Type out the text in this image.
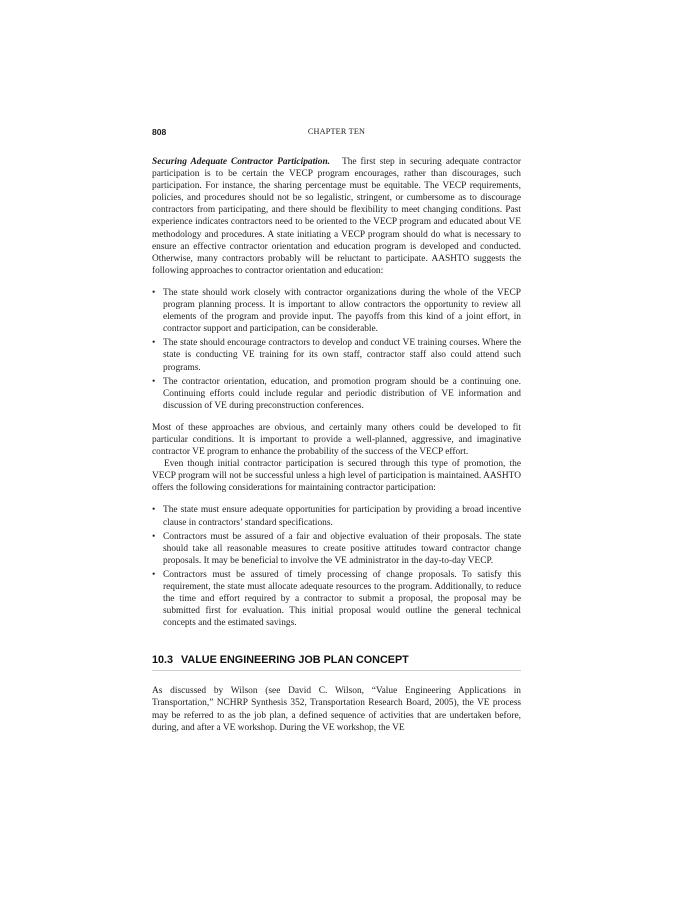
808	CHAPTER TEN

Securing Adequate Contractor Participation. The first step in securing adequate contractor participation is to be certain the VECP program encourages, rather than discourages, such participation. For instance, the sharing percentage must be equitable. The VECP requirements, policies, and procedures should not be so legalistic, stringent, or cumbersome as to discourage contractors from participating, and there should be flexibility to meet changing conditions. Past experience indicates contractors need to be oriented to the VECP program and educated about VE methodology and procedures. A state initiating a VECP program should do what is necessary to ensure an effective contractor orientation and education program is developed and conducted. Otherwise, many contractors probably will be reluctant to participate. AASHTO suggests the following approaches to contractor orientation and education:

• The state should work closely with contractor organizations during the whole of the VECP program planning process. It is important to allow contractors the opportunity to review all elements of the program and provide input. The payoffs from this kind of a joint effort, in contractor support and participation, can be considerable.
• The state should encourage contractors to develop and conduct VE training courses. Where the state is conducting VE training for its own staff, contractor staff also could attend such programs.
• The contractor orientation, education, and promotion program should be a continuing one. Continuing efforts could include regular and periodic distribution of VE information and discussion of VE during preconstruction conferences.

Most of these approaches are obvious, and certainly many others could be developed to fit particular conditions. It is important to provide a well-planned, aggressive, and imaginative contractor VE program to enhance the probability of the success of the VECP effort.

Even though initial contractor participation is secured through this type of promotion, the VECP program will not be successful unless a high level of participation is maintained. AASHTO offers the following considerations for maintaining contractor participation:

• The state must ensure adequate opportunities for participation by providing a broad incentive clause in contractors’ standard specifications.
• Contractors must be assured of a fair and objective evaluation of their proposals. The state should take all reasonable measures to create positive attitudes toward contractor change proposals. It may be beneficial to involve the VE administrator in the day-to-day VECP.
• Contractors must be assured of timely processing of change proposals. To satisfy this requirement, the state must allocate adequate resources to the program. Additionally, to reduce the time and effort required by a contractor to submit a proposal, the proposal may be submitted first for evaluation. This initial proposal would outline the general technical concepts and the estimated savings.
10.3 VALUE ENGINEERING JOB PLAN CONCEPT

As discussed by Wilson (see David C. Wilson, “Value Engineering Applications in Transportation,” NCHRP Synthesis 352, Transportation Research Board, 2005), the VE process may be referred to as the job plan, a defined sequence of activities that are undertaken before, during, and after a VE workshop. During the VE workshop, the VE
